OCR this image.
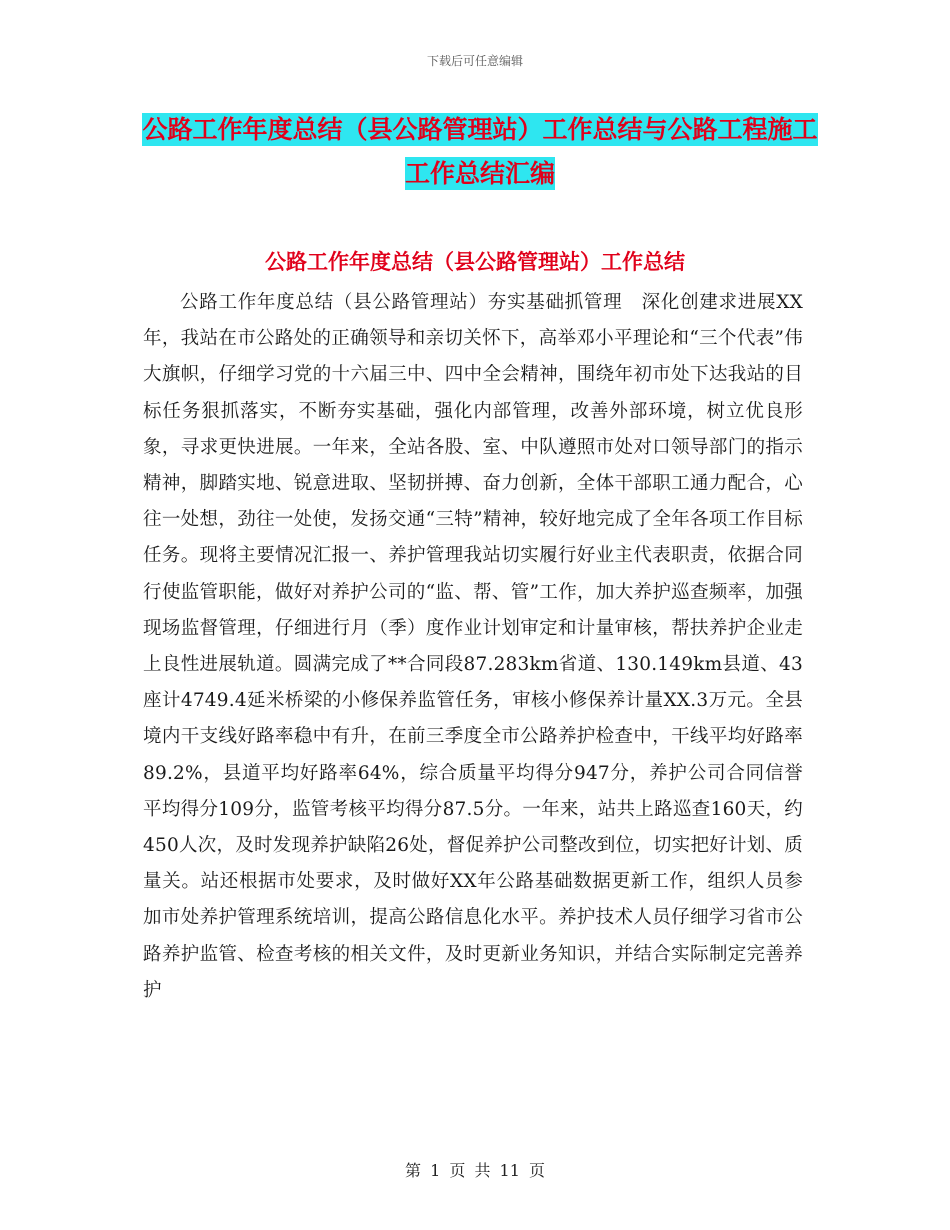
下载后可任意编辑
公路工作年度总结（县公路管理站）工作总结与公路工程施工工作总结汇编
公路工作年度总结（县公路管理站）工作总结
公路工作年度总结（县公路管理站）夯实基础抓管理　深化创建求进展XX年，我站在市公路处的正确领导和亲切关怀下，高举邓小平理论和“三个代表”伟大旗帜，仔细学习党的十六届三中、四中全会精神，围绕年初市处下达我站的目标任务狠抓落实，不断夯实基础，强化内部管理，改善外部环境，树立优良形象，寻求更快进展。一年来，全站各股、室、中队遵照市处对口领导部门的指示精神，脚踏实地、锐意进取、坚韧拼搏、奋力创新，全体干部职工通力配合，心往一处想，劲往一处使，发扬交通“三特”精神，较好地完成了全年各项工作目标任务。现将主要情况汇报一、养护管理我站切实履行好业主代表职责，依据合同行使监管职能，做好对养护公司的“监、帮、管”工作，加大养护巡查频率，加强现场监督管理，仔细进行月（季）度作业计划审定和计量审核，帮扶养护企业走上良性进展轨道。圆满完成了**合同段87.283km省道、130.149km县道、43座计4749.4延米桥梁的小修保养监管任务，审核小修保养计量XX.3万元。全县境内干支线好路率稳中有升，在前三季度全市公路养护检查中，干线平均好路率89.2%，县道平均好路率64%，综合质量平均得分947分，养护公司合同信誉平均得分109分，监管考核平均得分87.5分。一年来，站共上路巡查160天，约450人次，及时发现养护缺陷26处，督促养护公司整改到位，切实把好计划、质量关。站还根据市处要求，及时做好XX年公路基础数据更新工作，组织人员参加市处养护管理系统培训，提高公路信息化水平。养护技术人员仔细学习省市公路养护监管、检查考核的相关文件，及时更新业务知识，并结合实际制定完善养护
第 1 页 共 11 页
